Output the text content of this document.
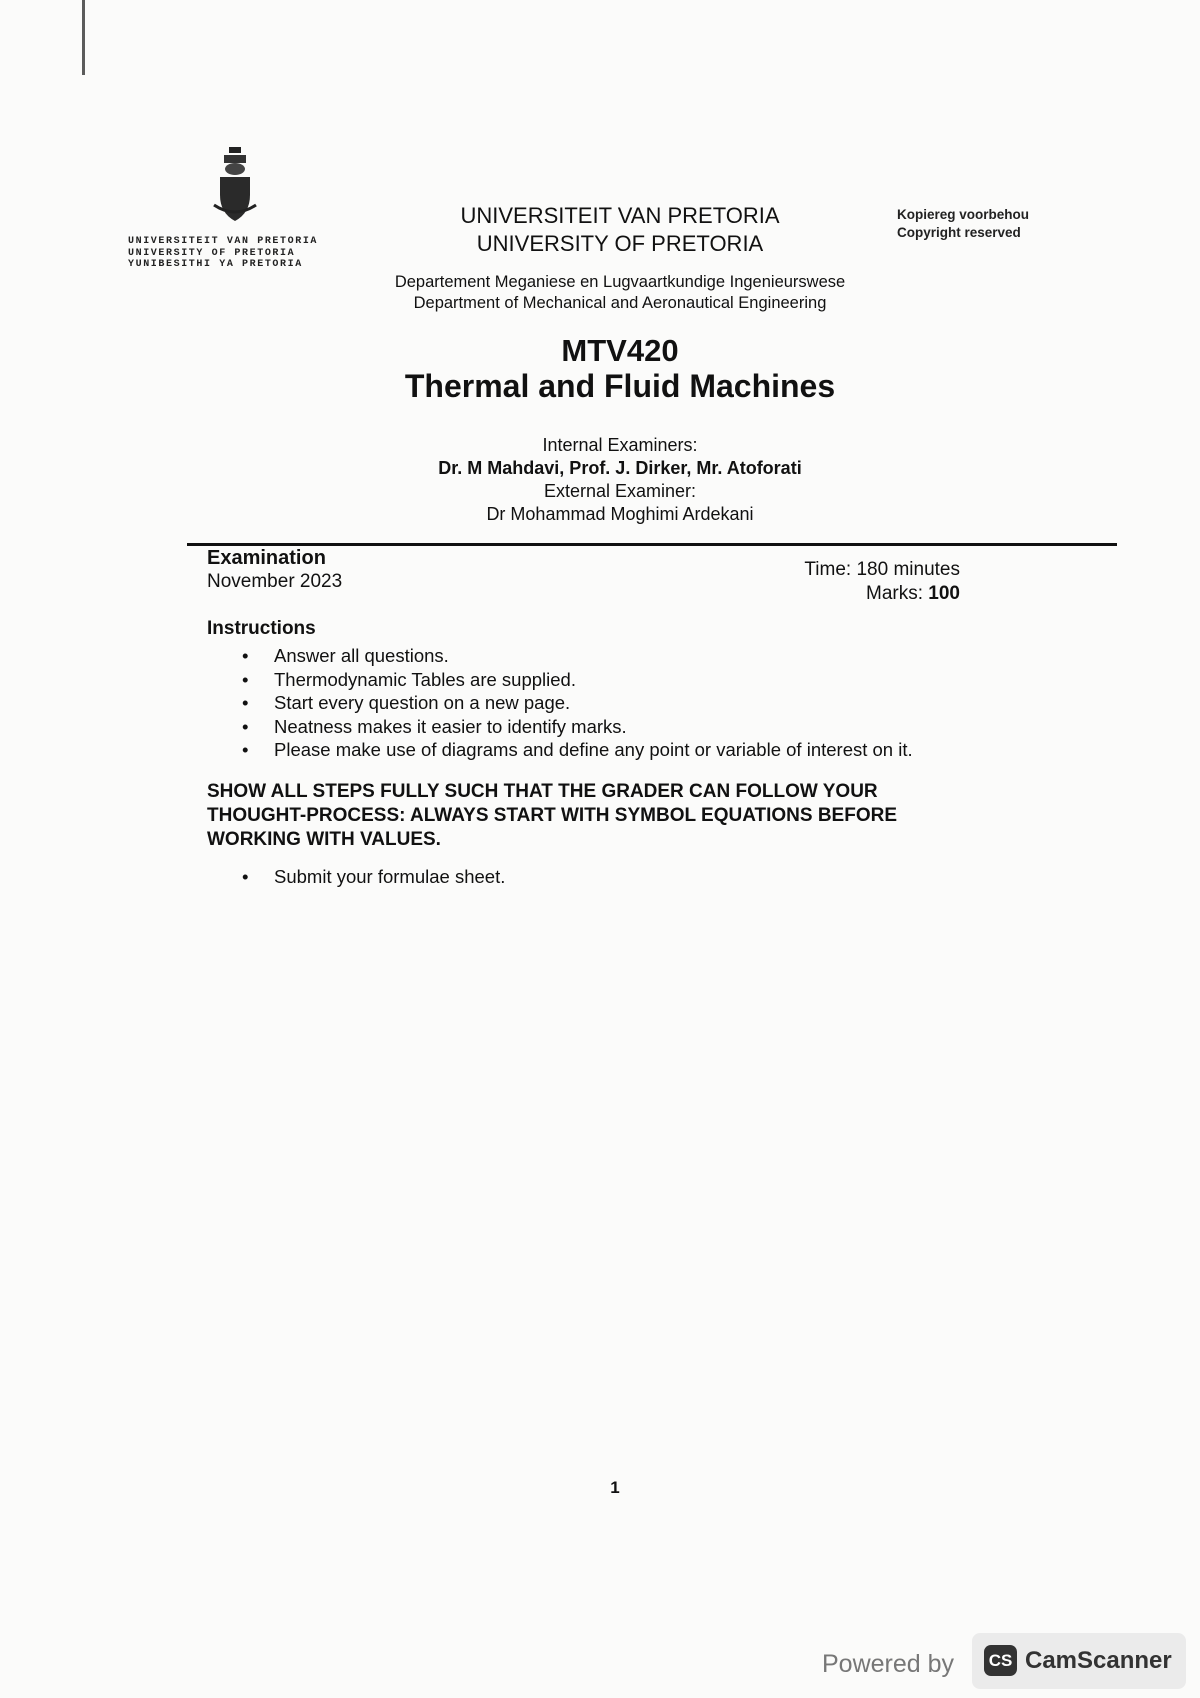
UNIVERSITEIT VAN PRETORIA
UNIVERSITY OF PRETORIA
YUNIBESITHI YA PRETORIA
UNIVERSITEIT VAN PRETORIA
UNIVERSITY OF PRETORIA
Kopiereg voorbehou
Copyright reserved
Departement Meganiese en Lugvaartkundige Ingenieurswese
Department of Mechanical and Aeronautical Engineering
MTV420
Thermal and Fluid Machines
Internal Examiners:
Dr. M Mahdavi, Prof. J. Dirker, Mr. Atoforati
External Examiner:
Dr Mohammad Moghimi Ardekani
Examination
November 2023
Time: 180 minutes
Marks: 100
Instructions
• Answer all questions.
• Thermodynamic Tables are supplied.
• Start every question on a new page.
• Neatness makes it easier to identify marks.
• Please make use of diagrams and define any point or variable of interest on it.
SHOW ALL STEPS FULLY SUCH THAT THE GRADER CAN FOLLOW YOUR
THOUGHT-PROCESS: ALWAYS START WITH SYMBOL EQUATIONS BEFORE
WORKING WITH VALUES.
• Submit your formulae sheet.
1
Powered by CS CamScanner
